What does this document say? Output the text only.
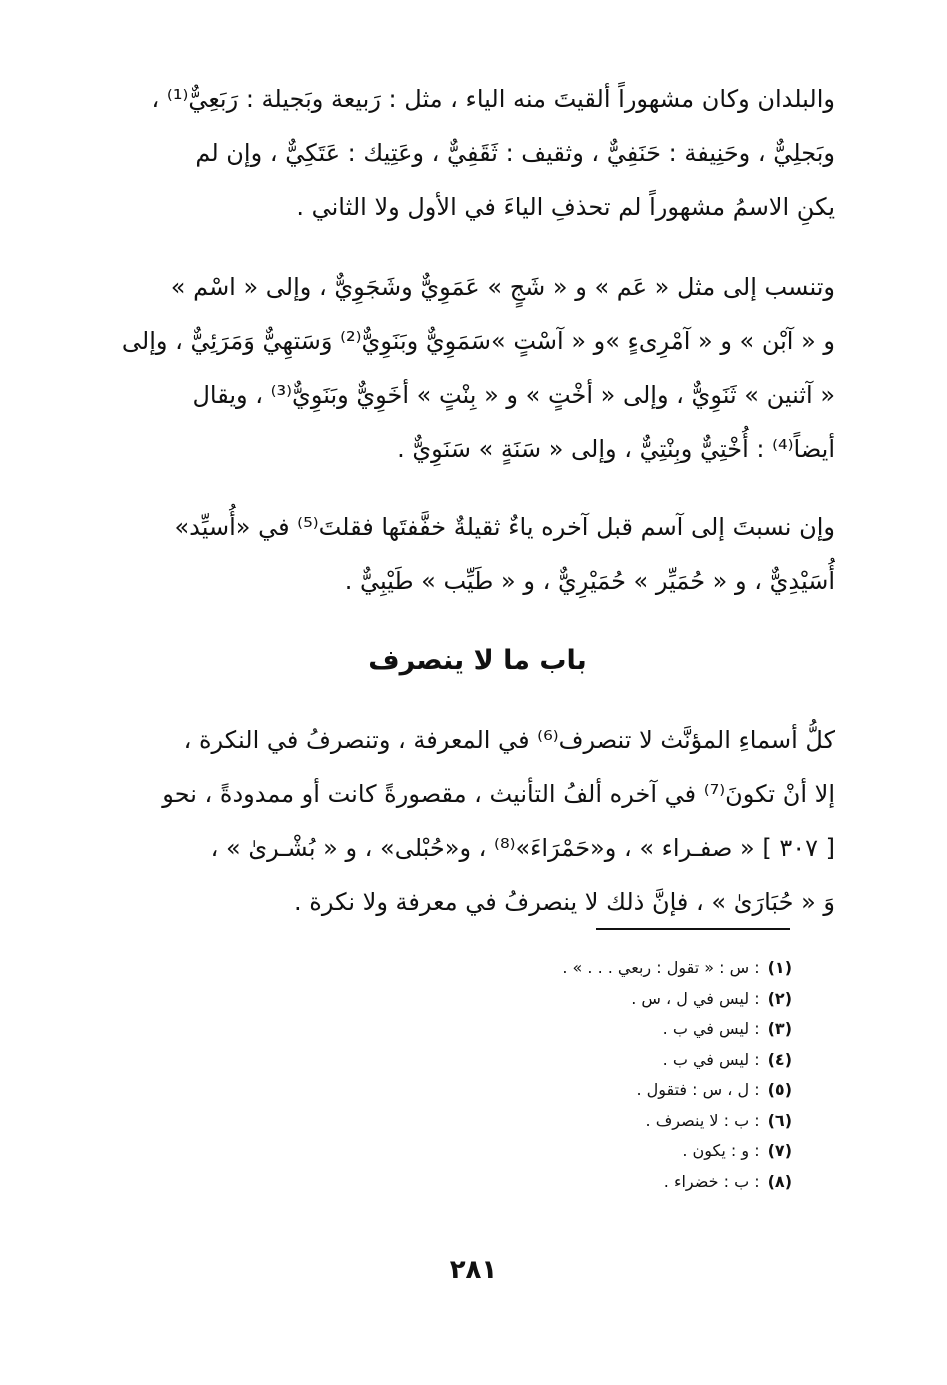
والبلدان وكان مشهوراً ألقيتَ منه الياء ، مثل : رَبيعة وبَجيلة : رَبَعِيٌّ⁽¹⁾ ،
وبَجلِيٌّ ، وحَنِيفة : حَنَفِيٌّ ، وثقيف : ثَقَفِيٌّ ، وعَتِيك : عَتَكِيٌّ ، وإن لم
يكنِ الاسمُ مشهوراً لم تحذفِ الياءَ في الأول ولا الثاني .

وتنسب إلى مثل « عَم » و « شَجٍ » عَمَوِيٌّ وشَجَوِيٌّ ، وإلى « اسْم »
و « آبْن » و « آمْرِىءٍ »و « آسْتٍ »سَمَوِيٌّ وبَنَوِيٌّ⁽²⁾ وَسَتهِيٌّ وَمَرَئِيٌّ ، وإلى
« آثنين » ثَنَوِيٌّ ، وإلى « أخْتٍ » و « بِنْتٍ » أخَوِيٌّ وبَنَوِيٌّ⁽³⁾ ، ويقال
أيضاً⁽⁴⁾ : أُخْتِيٌّ وبِنْتِيٌّ ، وإلى « سَنَةٍ » سَنَوِيٌّ .

وإن نسبتَ إلى آسم قبل آخره ياءٌ ثقيلةٌ خفَّفتَها فقلتَ⁽⁵⁾ في «أُسيِّد»
أُسَيْدِيٌّ ، و « حُمَيِّر » حُمَيْرِيٌّ ، و « طَيِّب » طَيْبِيٌّ .

باب ما لا ينصرف

كلُّ أسماءِ المؤنَّث لا تنصرف⁽⁶⁾ في المعرفة ، وتنصرفُ في النكرة ،
إلا أنْ تكونَ⁽⁷⁾ في آخره ألفُ التأنيث ، مقصورةً كانت أو ممدودةً ، نحو
[ ٣٠٧ ] « صفـراء » ، و«حَمْرَاءَ»⁽⁸⁾ ، و«حُبْلى» ، و « بُشْـرىٰ » ،
وَ « حُبَارَىٰ » ، فإنَّ ذلك لا ينصرفُ في معرفة ولا نكرة .

(١)
: س : « تقول : ربعي . . . » .
(٢)
: ليس في ل ، س .
(٣)
: ليس في ب .
(٤)
: ليس في ب .
(٥)
: ل ، س : فتقول .
(٦)
: ب : لا ينصرف .
(٧)
: و : يكون .
(٨)
: ب : خضراء .
٢٨١
